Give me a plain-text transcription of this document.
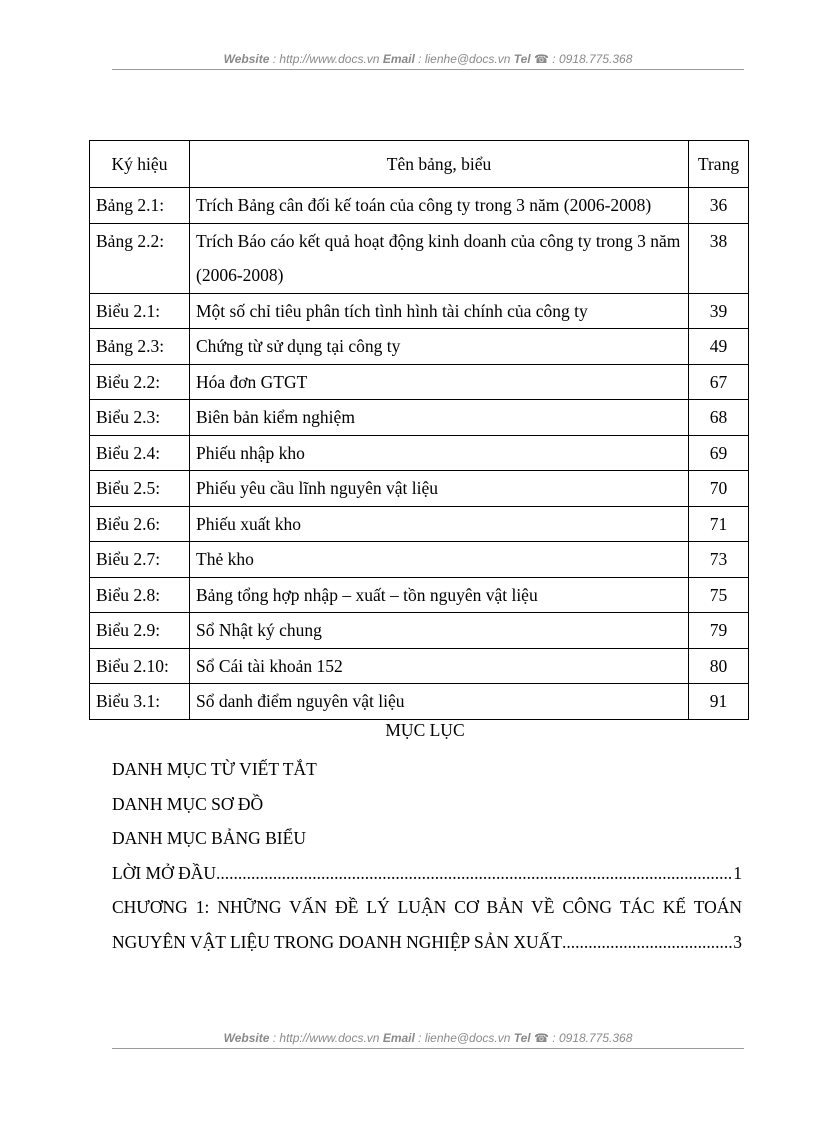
Website : http://www.docs.vn Email : lienhe@docs.vn Tel ☎ : 0918.775.368
Ký hiệu	Tên bảng, biểu	Trang
Bảng 2.1:	Trích Bảng cân đối kế toán của công ty trong 3 năm (2006-2008)	36
Bảng 2.2:	Trích Báo cáo kết quả hoạt động kinh doanh của công ty trong 3 năm (2006-2008)	38
Biểu 2.1:	Một số chỉ tiêu phân tích tình hình tài chính của công ty	39
Bảng 2.3:	Chứng từ sử dụng tại công ty	49
Biểu 2.2:	Hóa đơn GTGT	67
Biểu 2.3:	Biên bản kiểm nghiệm	68
Biểu 2.4:	Phiếu nhập kho	69
Biểu 2.5:	Phiếu yêu cầu lĩnh nguyên vật liệu	70
Biểu 2.6:	Phiếu xuất kho	71
Biểu 2.7:	Thẻ kho	73
Biểu 2.8:	Bảng tổng hợp nhập – xuất – tồn nguyên vật liệu	75
Biểu 2.9:	Sổ Nhật ký chung	79
Biểu 2.10:	Sổ Cái tài khoản 152	80
Biểu 3.1:	Sổ danh điểm nguyên vật liệu	91
MỤC LỤC
DANH MỤC TỪ VIẾT TẮT
DANH MỤC SƠ ĐỒ
DANH MỤC BẢNG BIỂU
LỜI MỞ ĐẦU .....	1
CHƯƠNG 1: NHỮNG VẤN ĐỀ LÝ LUẬN CƠ BẢN VỀ CÔNG TÁC KẾ TOÁN
NGUYÊN VẬT LIỆU TRONG DOANH NGHIỆP SẢN XUẤT .....	3
Website : http://www.docs.vn Email : lienhe@docs.vn Tel ☎ : 0918.775.368
